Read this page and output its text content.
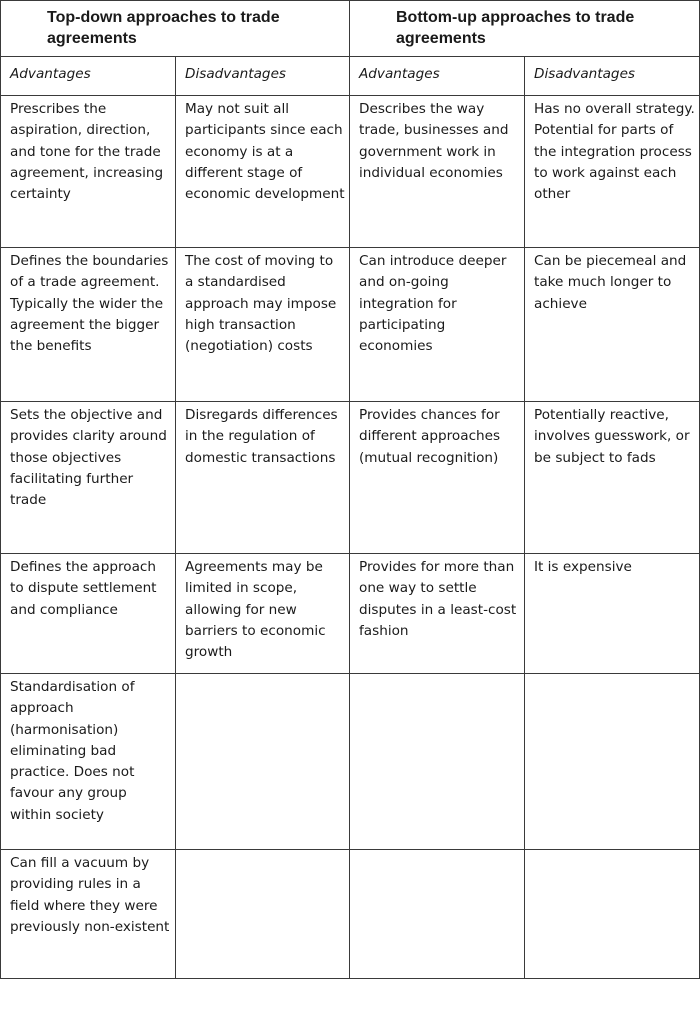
Top-down approaches to trade agreements		Bottom-up approaches to trade agreements	
Advantages	Disadvantages	Advantages	Disadvantages
Prescribes the aspiration, direction, and tone for the trade agreement, increasing certainty	May not suit all participants since each economy is at a different stage of economic development	Describes the way trade, businesses and government work in individual economies	Has no overall strategy. Potential for parts of the integration process to work against each other
Defines the boundaries of a trade agreement. Typically the wider the agreement the bigger the benefits	The cost of moving to a standardised approach may impose high transaction (negotiation) costs	Can introduce deeper and on-going integration for participating economies	Can be piecemeal and take much longer to achieve
Sets the objective and provides clarity around those objectives facilitating further trade	Disregards differences in the regulation of domestic transactions	Provides chances for different approaches (mutual recognition)	Potentially reactive, involves guesswork, or be subject to fads
Defines the approach to dispute settlement and compliance	Agreements may be limited in scope, allowing for new barriers to economic growth	Provides for more than one way to settle disputes in a least-cost fashion	It is expensive
Standardisation of approach (harmonisation) eliminating bad practice. Does not favour any group within society			
Can fill a vacuum by providing rules in a field where they were previously non-existent			
